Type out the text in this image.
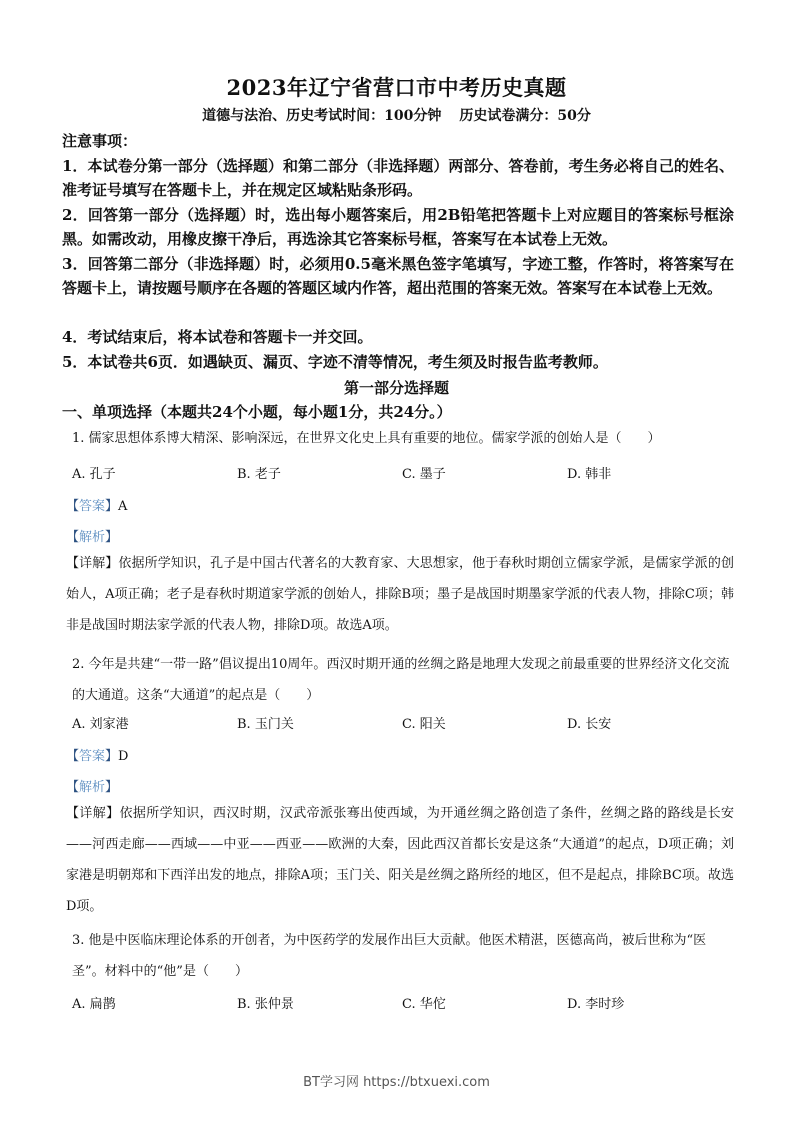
2023年辽宁省营口市中考历史真题
道德与法治、历史考试时间：100分钟 历史试卷满分：50分
注意事项：
1．本试卷分第一部分（选择题）和第二部分（非选择题）两部分、答卷前，考生务必将自己的姓名、准考证号填写在答题卡上，并在规定区域粘贴条形码。
2．回答第一部分（选择题）时，选出每小题答案后，用2B铅笔把答题卡上对应题目的答案标号框涂黑。如需改动，用橡皮擦干净后，再选涂其它答案标号框，答案写在本试卷上无效。
3．回答第二部分（非选择题）时，必须用0.5毫米黑色签字笔填写，字迹工整，作答时，将答案写在答题卡上，请按题号顺序在各题的答题区域内作答，超出范围的答案无效。答案写在本试卷上无效。
4．考试结束后，将本试卷和答题卡一并交回。
5．本试卷共6页．如遇缺页、漏页、字迹不清等情况，考生须及时报告监考教师。
第一部分选择题
一、单项选择（本题共24个小题，每小题1分，共24分。）
1. 儒家思想体系博大精深、影响深远，在世界文化史上具有重要的地位。儒家学派的创始人是（　　）
A. 孔子	B. 老子	C. 墨子	D. 韩非
【答案】A
【解析】
【详解】依据所学知识，孔子是中国古代著名的大教育家、大思想家，他于春秋时期创立儒家学派，是儒家学派的创始人，A项正确；老子是春秋时期道家学派的创始人，排除B项；墨子是战国时期墨家学派的代表人物，排除C项；韩非是战国时期法家学派的代表人物，排除D项。故选A项。
2. 今年是共建“一带一路”倡议提出10周年。西汉时期开通的丝绸之路是地理大发现之前最重要的世界经济文化交流的大通道。这条“大通道”的起点是（　　）
A. 刘家港	B. 玉门关	C. 阳关	D. 长安
【答案】D
【解析】
【详解】依据所学知识，西汉时期，汉武帝派张骞出使西域，为开通丝绸之路创造了条件，丝绸之路的路线是长安——河西走廊——西域——中亚——西亚——欧洲的大秦，因此西汉首都长安是这条“大通道”的起点，D项正确；刘家港是明朝郑和下西洋出发的地点，排除A项；玉门关、阳关是丝绸之路所经的地区，但不是起点，排除BC项。故选D项。
3. 他是中医临床理论体系的开创者，为中医药学的发展作出巨大贡献。他医术精湛，医德高尚，被后世称为“医圣”。材料中的“他”是（　　）
A. 扁鹊	B. 张仲景	C. 华佗	D. 李时珍
BT学习网 https://btxuexi.com
